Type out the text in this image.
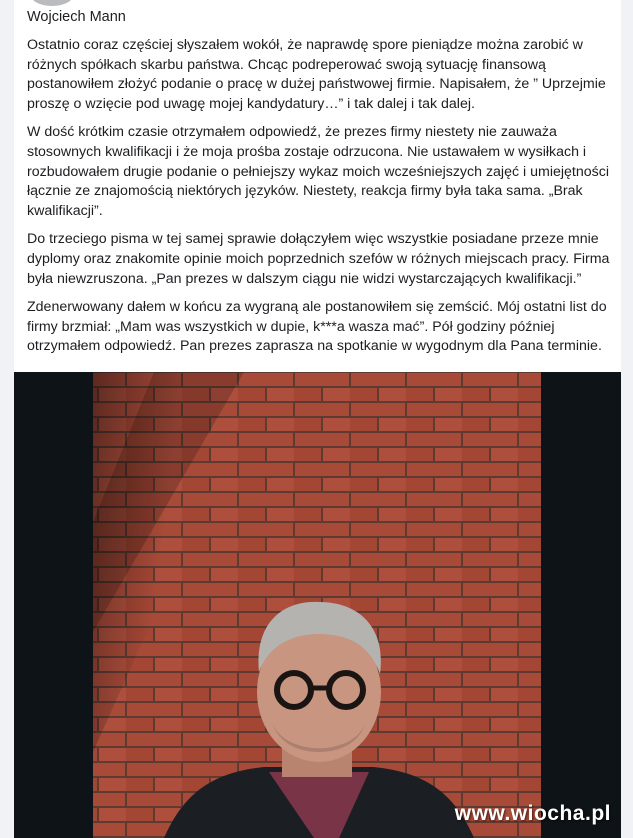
Wojciech Mann

Ostatnio coraz częściej słyszałem wokół, że naprawdę spore pieniądze można zarobić w różnych spółkach skarbu państwa. Chcąc podreperować swoją sytuację finansową postanowiłem złożyć podanie o pracę w dużej państwowej firmie. Napisałem, że ” Uprzejmie proszę o wzięcie pod uwagę mojej kandydatury…” i tak dalej i tak dalej.

W dość krótkim czasie otrzymałem odpowiedź, że prezes firmy niestety nie zauważa stosownych kwalifikacji i że moja prośba zostaje odrzucona. Nie ustawałem w wysiłkach i rozbudowałem drugie podanie o pełniejszy wykaz moich wcześniejszych zajęć i umiejętności łącznie ze znajomością niektórych języków. Niestety, reakcja firmy była taka sama. „Brak kwalifikacji”.

Do trzeciego pisma w tej samej sprawie dołączyłem więc wszystkie posiadane przeze mnie dyplomy oraz znakomite opinie moich poprzednich szefów w różnych miejscach pracy. Firma była niewzruszona. „Pan prezes w dalszym ciągu nie widzi wystarczających kwalifikacji.”

Zdenerwowany dałem w końcu za wygraną ale postanowiłem się zemścić. Mój ostatni list do firmy brzmiał: „Mam was wszystkich w dupie, k***a wasza mać”. Pół godziny później otrzymałem odpowiedź. Pan prezes zaprasza na spotkanie w wygodnym dla Pana terminie.

www.wiocha.pl
